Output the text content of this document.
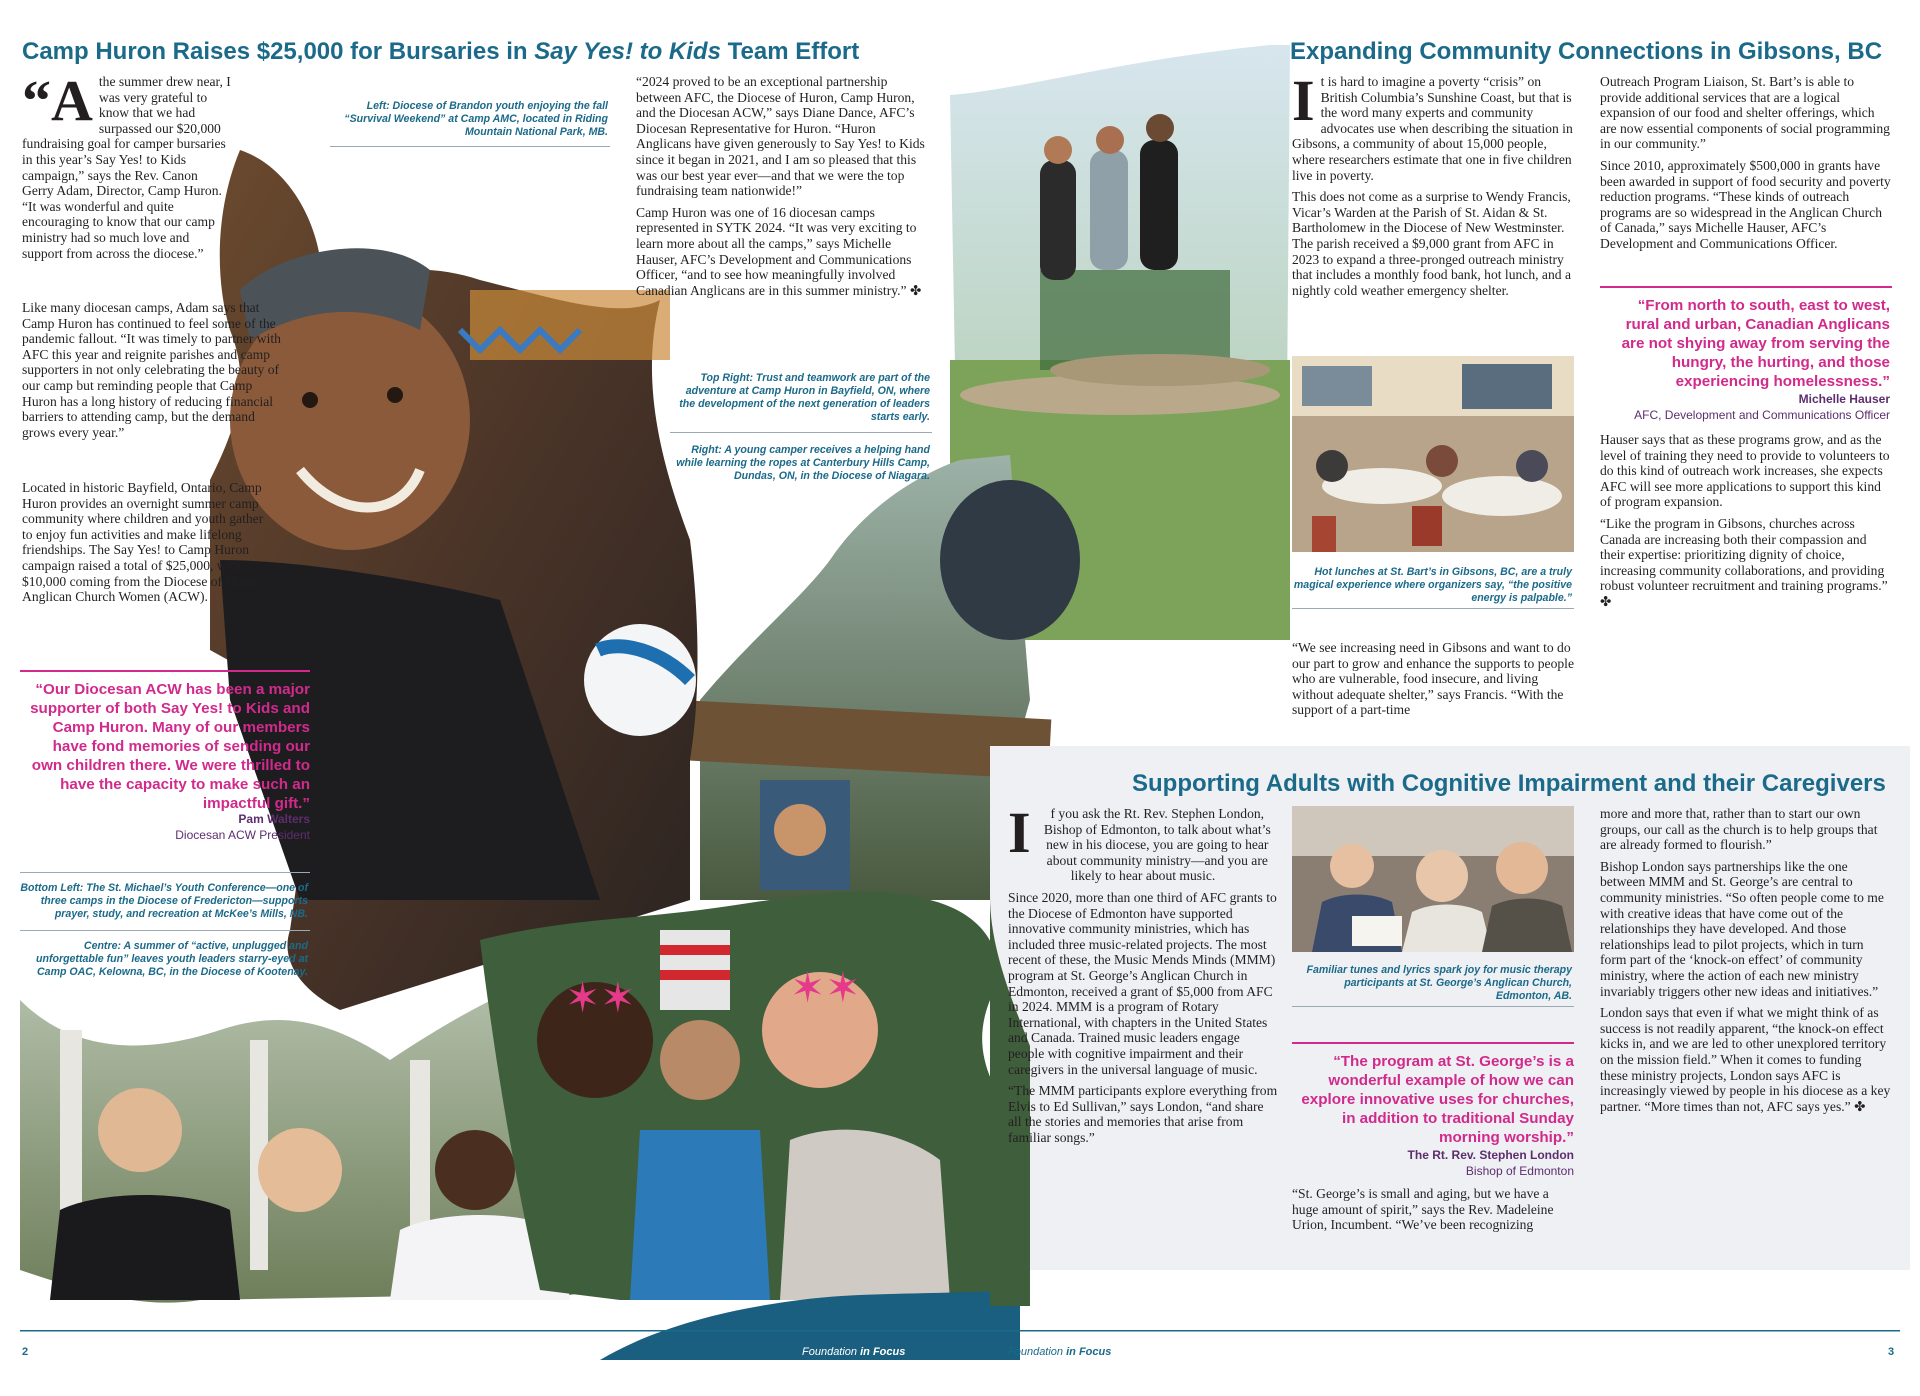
✶✶	✶✶
Camp Huron Raises $25,000 for Bursaries in Say Yes! to Kids Team Effort

“A the summer drew near, I was very grateful to know that we had surpassed our $20,000 fundraising goal for camper bursaries in this year’s Say Yes! to Kids campaign,” says the Rev. Canon Gerry Adam, Director, Camp Huron. “It was wonderful and quite encouraging to know that our camp ministry had so much love and support from across the diocese.”

Like many diocesan camps, Adam says that Camp Huron has continued to feel some of the pandemic fallout. “It was timely to partner with AFC this year and reignite parishes and camp supporters in not only celebrating the beauty of our camp but reminding people that Camp Huron has a long history of reducing financial barriers to attending camp, but the demand grows every year.”

Located in historic Bayfield, Ontario, Camp Huron provides an overnight summer camp community where children and youth gather to enjoy fun activities and make lifelong friendships. The Say Yes! to Camp Huron campaign raised a total of $25,000, with $10,000 coming from the Diocese of Huron Anglican Church Women (ACW).

“Our Diocesan ACW has been a major supporter of both Say Yes! to Kids and Camp Huron. Many of our members have fond memories of sending our own children there. We were thrilled to have the capacity to make such an impactful gift.”
Pam Walters
Diocesan ACW President
Bottom Left: The St. Michael’s Youth Conference—one of three camps in the Diocese of Fredericton—supports prayer, study, and recreation at McKee’s Mills, NB.
Centre: A summer of “active, unplugged and unforgettable fun” leaves youth leaders starry-eyed at Camp OAC, Kelowna, BC, in the Diocese of Kootenay.
Left: Diocese of Brandon youth enjoying the fall “Survival Weekend” at Camp AMC, located in Riding Mountain National Park, MB.

“2024 proved to be an exceptional partnership between AFC, the Diocese of Huron, Camp Huron, and the Diocesan ACW,” says Diane Dance, AFC’s Diocesan Representative for Huron. “Huron Anglicans have given generously to Say Yes! to Kids since it began in 2021, and I am so pleased that this was our best year ever—and that we were the top fundraising team nationwide!”

Camp Huron was one of 16 diocesan camps represented in SYTK 2024. “It was very exciting to learn more about all the camps,” says Michelle Hauser, AFC’s Development and Communications Officer, “and to see how meaningfully involved Canadian Anglicans are in this summer ministry.” ✤

Top Right: Trust and teamwork are part of the adventure at Camp Huron in Bayfield, ON, where the development of the next generation of leaders starts early.
Right: A young camper receives a helping hand while learning the ropes at Canterbury Hills Camp, Dundas, ON, in the Diocese of Niagara.
Expanding Community Connections in Gibsons, BC

It is hard to imagine a poverty “crisis” on British Columbia’s Sunshine Coast, but that is the word many experts and community advocates use when describing the situation in Gibsons, a community of about 15,000 people, where researchers estimate that one in five children live in poverty.

This does not come as a surprise to Wendy Francis, Vicar’s Warden at the Parish of St. Aidan & St. Bartholomew in the Diocese of New Westminster. The parish received a $9,000 grant from AFC in 2023 to expand a three-pronged outreach ministry that includes a monthly food bank, hot lunch, and a nightly cold weather emergency shelter.

Hot lunches at St. Bart’s in Gibsons, BC, are a truly magical experience where organizers say, “the positive energy is palpable.”

“We see increasing need in Gibsons and want to do our part to grow and enhance the supports to people who are vulnerable, food insecure, and living without adequate shelter,” says Francis. “With the support of a part-time

Outreach Program Liaison, St. Bart’s is able to provide additional services that are a logical expansion of our food and shelter offerings, which are now essential components of social programming in our community.”

Since 2010, approximately $500,000 in grants have been awarded in support of food security and poverty reduction programs. “These kinds of outreach programs are so widespread in the Anglican Church of Canada,” says Michelle Hauser, AFC’s Development and Communications Officer.

“From north to south, east to west, rural and urban, Canadian Anglicans are not shying away from serving the hungry, the hurting, and those experiencing homelessness.”
Michelle Hauser
AFC, Development and Communications Officer

Hauser says that as these programs grow, and as the level of training they need to provide to volunteers to do this kind of outreach work increases, she expects AFC will see more applications to support this kind of program expansion.

“Like the program in Gibsons, churches across Canada are increasing both their compassion and their expertise: prioritizing dignity of choice, increasing community collaborations, and providing robust volunteer recruitment and training programs.” ✤

Supporting Adults with Cognitive Impairment and their Caregivers

I f you ask the Rt. Rev. Stephen London, Bishop of Edmonton, to talk about what’s new in his diocese, you are going to hear about community ministry—and you are likely to hear about music.

Since 2020, more than one third of AFC grants to the Diocese of Edmonton have supported innovative community ministries, which has included three music-related projects. The most recent of these, the Music Mends Minds (MMM) program at St. George’s Anglican Church in Edmonton, received a grant of $5,000 from AFC in 2024. MMM is a program of Rotary International, with chapters in the United States and Canada. Trained music leaders engage people with cognitive impairment and their caregivers in the universal language of music.

“The MMM participants explore everything from Elvis to Ed Sullivan,” says London, “and share all the stories and memories that arise from familiar songs.”

Familiar tunes and lyrics spark joy for music therapy participants at St. George’s Anglican Church, Edmonton, AB.
“The program at St. George’s is a wonderful example of how we can explore innovative uses for churches, in addition to traditional Sunday morning worship.”
The Rt. Rev. Stephen London
Bishop of Edmonton

“St. George’s is small and aging, but we have a huge amount of spirit,” says the Rev. Madeleine Urion, Incumbent. “We’ve been recognizing

more and more that, rather than to start our own groups, our call as the church is to help groups that are already formed to flourish.”

Bishop London says partnerships like the one between MMM and St. George’s are central to community ministries. “So often people come to me with creative ideas that have come out of the relationships they have developed. And those relationships lead to pilot projects, which in turn form part of the ‘knock-on effect’ of community ministry, where the action of each new ministry invariably triggers other new ideas and initiatives.”

London says that even if what we might think of as success is not readily apparent, “the knock-on effect kicks in, and we are led to other unexplored territory on the mission field.” When it comes to funding these ministry projects, London says AFC is increasingly viewed by people in his diocese as a key partner. “More times than not, AFC says yes.” ✤

2	Foundation in Focus	Foundation in Focus	3
